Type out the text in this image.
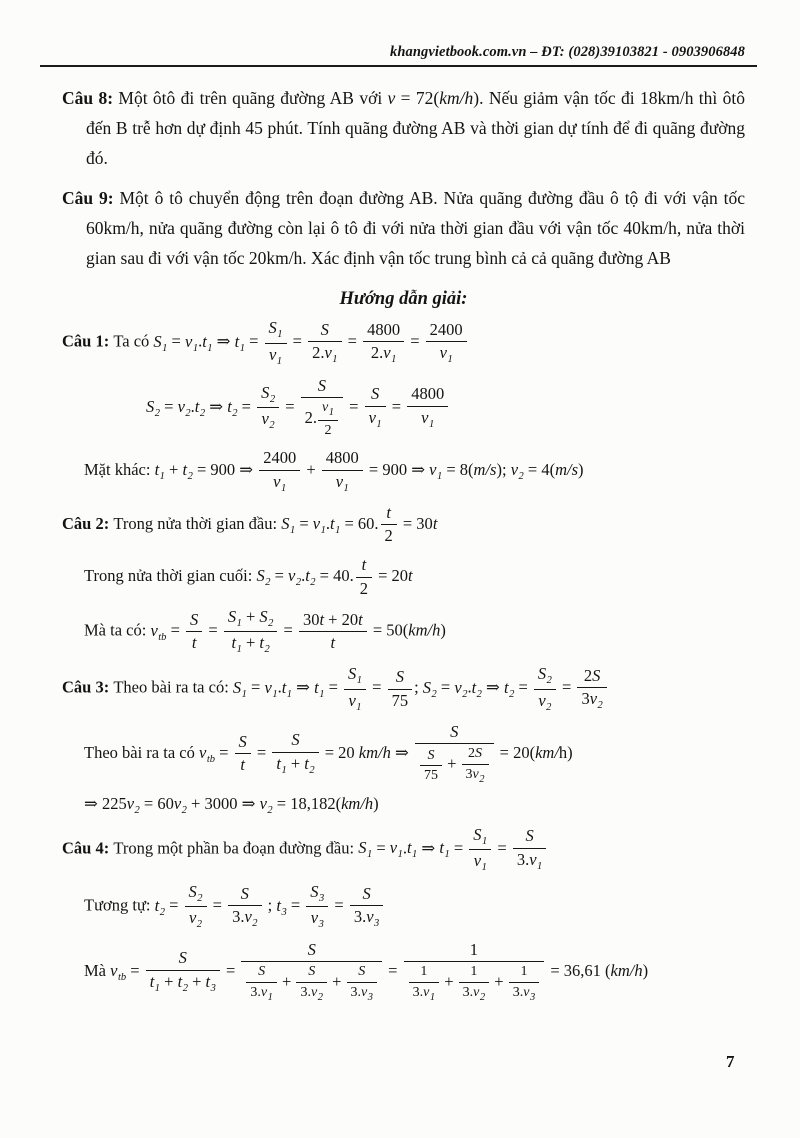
khangvietbook.com.vn – ĐT: (028)39103821 - 0903906848
Câu 8: Một ôtô đi trên quãng đường AB với v = 72(km/h). Nếu giảm vận tốc đi 18km/h thì ôtô đến B trễ hơn dự định 45 phút. Tính quãng đường AB và thời gian dự tính để đi quãng đường đó.
Câu 9: Một ô tô chuyển động trên đoạn đường AB. Nửa quãng đường đầu ô tộ đi với vận tốc 60km/h, nửa quãng đường còn lại ô tô đi với nửa thời gian đầu với vận tốc 40km/h, nửa thời gian sau đi với vận tốc 20km/h. Xác định vận tốc trung bình cả cả quãng đường AB
Hướng dẫn giải:
Câu 1: Ta có $S_1 = v_1.t_1$ ⇒ $t_1 = \frac{S_1}{v_1} = \frac{S}{2.v_1} = \frac{4800}{2.v_1} = \frac{2400}{v_1}$
$S_2 = v_2.t_2$ ⇒ $t_2 = \frac{S_2}{v_2} = \frac{S}{2. \frac{v_1}{2}} = \frac{S}{v_1} = \frac{4800}{v_1}$
Mặt khác: $t_1 + t_2 = 900$ ⇒ $\frac{2400}{v_1} + \frac{4800}{v_1} = 900$ ⇒ $v_1 = 8(m/s)$; $v_2 = 4(m/s)$
Câu 2: Trong nửa thời gian đầu: $S_1 = v_1.t_1 = 60$. $\frac{t}{2} = 30t$
Trong nửa thời gian cuối: $S_2 = v_2.t_2 = 40$. $\frac{t}{2} = 20t$
Mà ta có: $v_{tb} = \frac{S}{t} = \frac{S_1 + S_2}{t_1 + t_2} = \frac{30t + 20t}{t} = 50(km/h)$
Câu 3: Theo bài ra ta có: $S_1 = v_1.t_1$ ⇒ $t_1 = \frac{S_1}{v_1} = \frac{S}{75}$ ; $S_2 = v_2.t_2$ ⇒ $t_2 = \frac{S_2}{v_2} = \frac{2S}{3v_2}$
Theo bài ra ta có $v_{tb} = \frac{S}{t} = \frac{S}{t_1 + t_2} = 20$ km/h ⇒ $\frac{S}{\frac{S}{75} + \frac{2S}{3v_2}} = 20(km/h)$
⇒ $225v_2 = 60v_2 + 3000$ ⇒ $v_2 = 18,182(km/h)$
Câu 4: Trong một phần ba đoạn đường đầu: $S_1 = v_1.t_1$ ⇒ $t_1 = \frac{S_1}{v_1} = \frac{S}{3.v_1}$
Tương tự: $t_2 = \frac{S_2}{v_2} = \frac{S}{3.v_2}$ ; $t_3 = \frac{S_3}{v_3} = \frac{S}{3.v_3}$
Mà $v_{tb} = \frac{S}{t_1 + t_2 + t_3} = \frac{S}{\frac{S}{3.v_1} + \frac{S}{3.v_2} + \frac{S}{3.v_3}} = \frac{1}{\frac{1}{3.v_1} + \frac{1}{3.v_2} + \frac{1}{3.v_3}} = 36,61$ (km/h)
7
